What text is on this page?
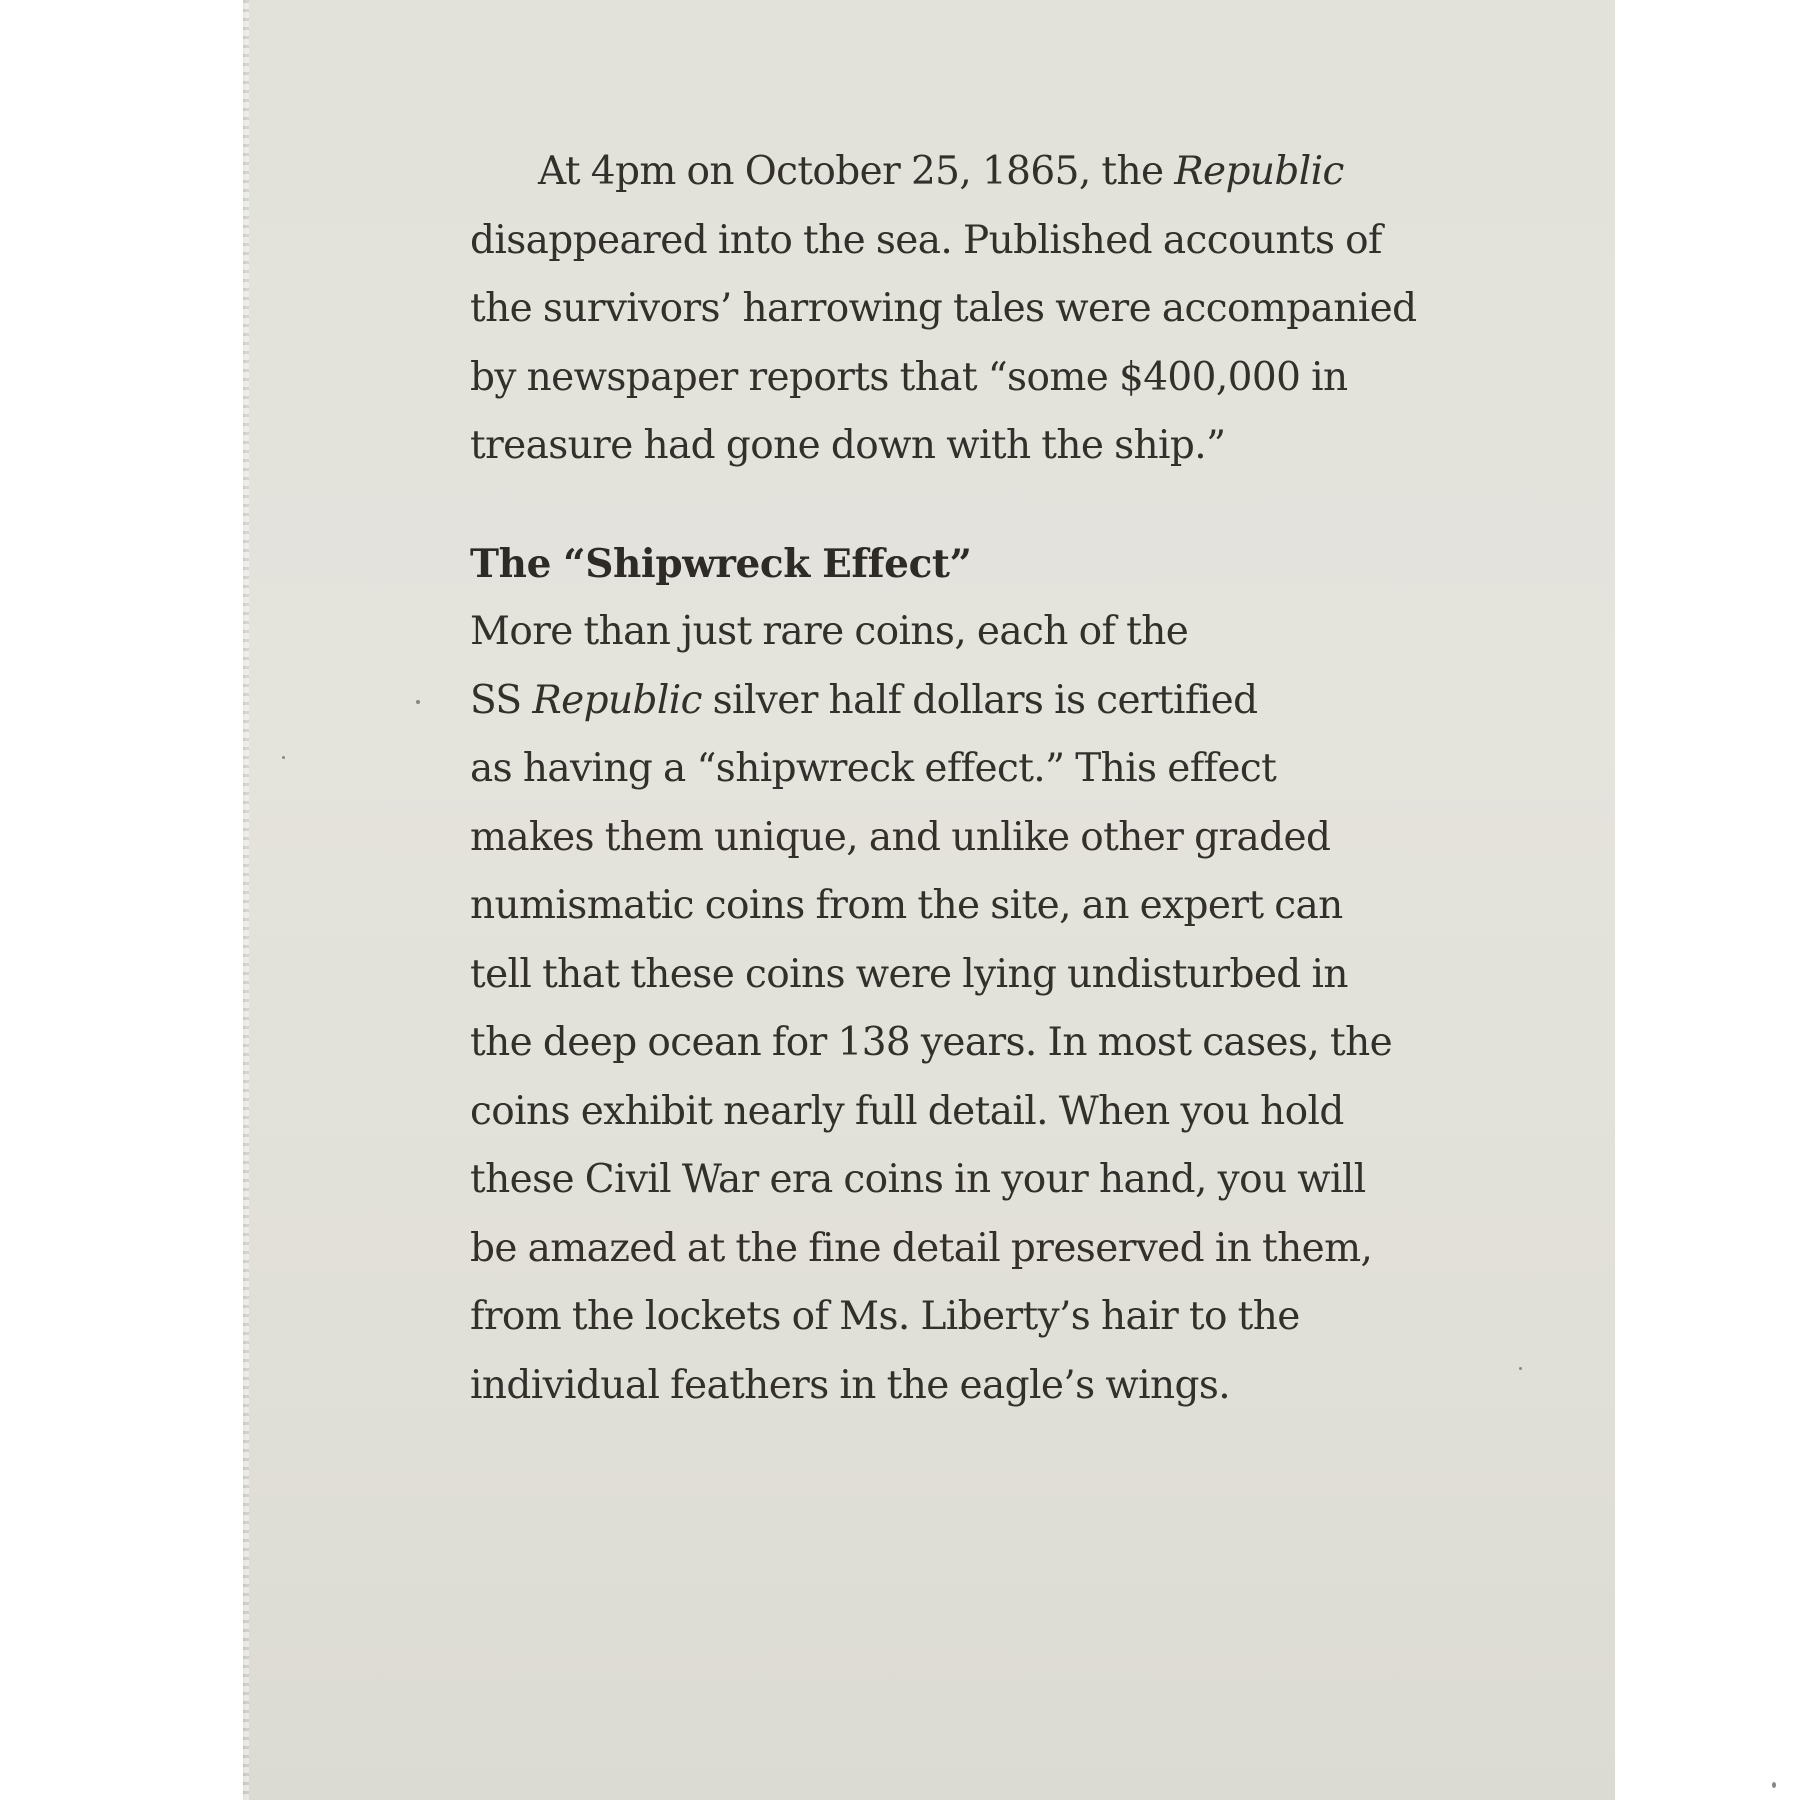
At 4pm on October 25, 1865, the Republic
disappeared into the sea. Published accounts of
the survivors’ harrowing tales were accompanied
by newspaper reports that “some $400,000 in
treasure had gone down with the ship.”
The “Shipwreck Effect”
More than just rare coins, each of the
SS Republic silver half dollars is certified
as having a “shipwreck effect.” This effect
makes them unique, and unlike other graded
numismatic coins from the site, an expert can
tell that these coins were lying undisturbed in
the deep ocean for 138 years. In most cases, the
coins exhibit nearly full detail. When you hold
these Civil War era coins in your hand, you will
be amazed at the fine detail preserved in them,
from the lockets of Ms. Liberty’s hair to the
individual feathers in the eagle’s wings.
